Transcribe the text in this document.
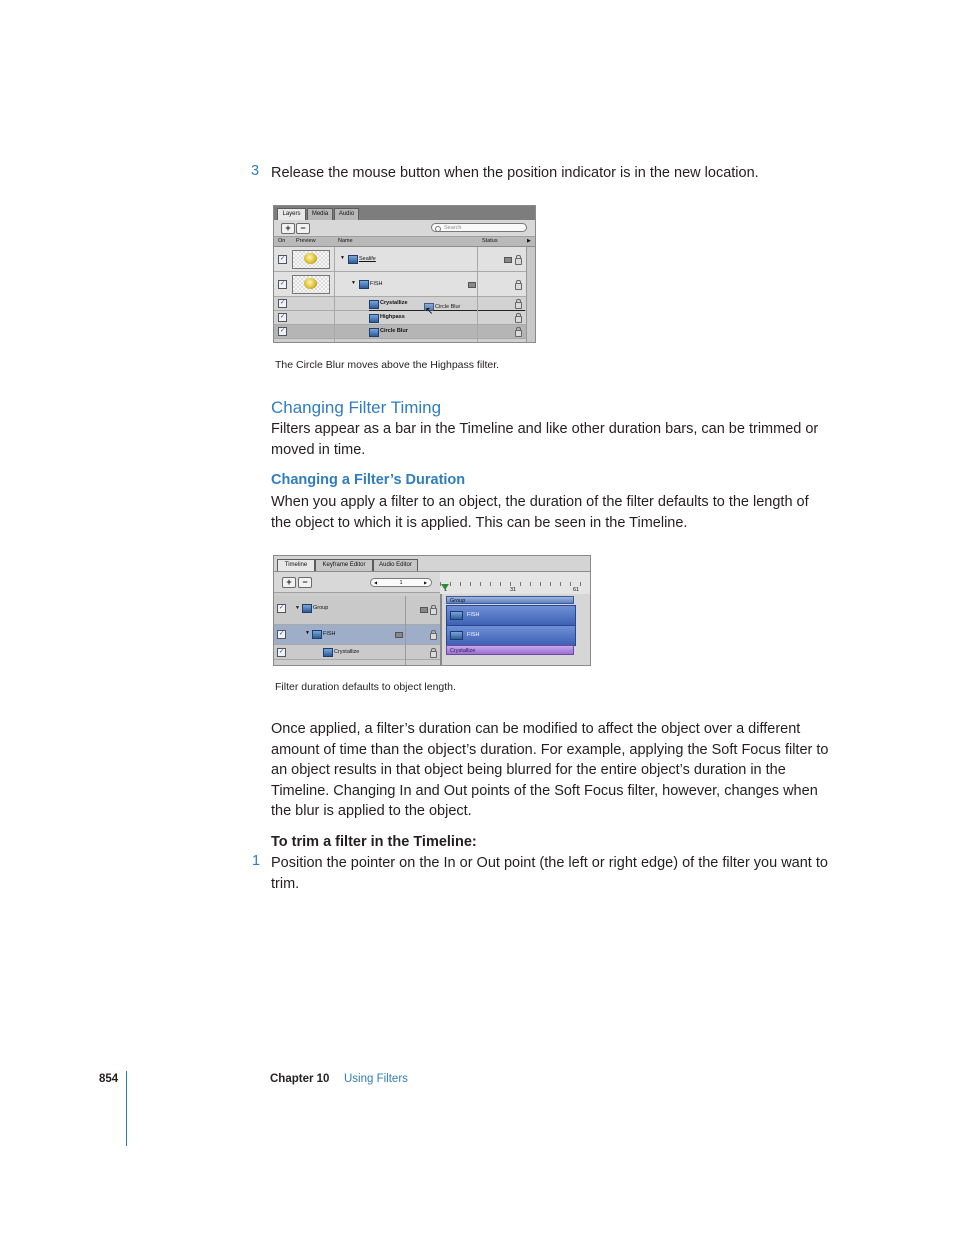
3 Release the mouse button when the position indicator is in the new location.
Layers	Media	Audio
+	−	Search
On Preview	Name	Status	▶
✓	▼	Sealife
✓	▼	FISH
✓	Crystallize
Circle Blur
✓	Highpass
✓	Circle Blur
↖
The Circle Blur moves above the Highpass filter.
Changing Filter Timing
Filters appear as a bar in the Timeline and like other duration bars, can be trimmed or moved in time.
Changing a Filter’s Duration
When you apply a filter to an object, the duration of the filter defaults to the length of the object to which it is applied. This can be seen in the Timeline.
Timeline	Keyframe Editor	Audio Editor
+	−	1
◀	▶
1	31	61
✓	▼ Group
✓	▼ FISH
✓	Crystallize
Group
FISH
FISH
Crystallize
Filter duration defaults to object length.
Once applied, a filter’s duration can be modified to affect the object over a different amount of time than the object’s duration. For example, applying the Soft Focus filter to an object results in that object being blurred for the entire object’s duration in the Timeline. Changing In and Out points of the Soft Focus filter, however, changes when the blur is applied to the object.
To trim a filter in the Timeline:
1 Position the pointer on the In or Out point (the left or right edge) of the filter you want to trim.
854	Chapter 10 Using Filters
